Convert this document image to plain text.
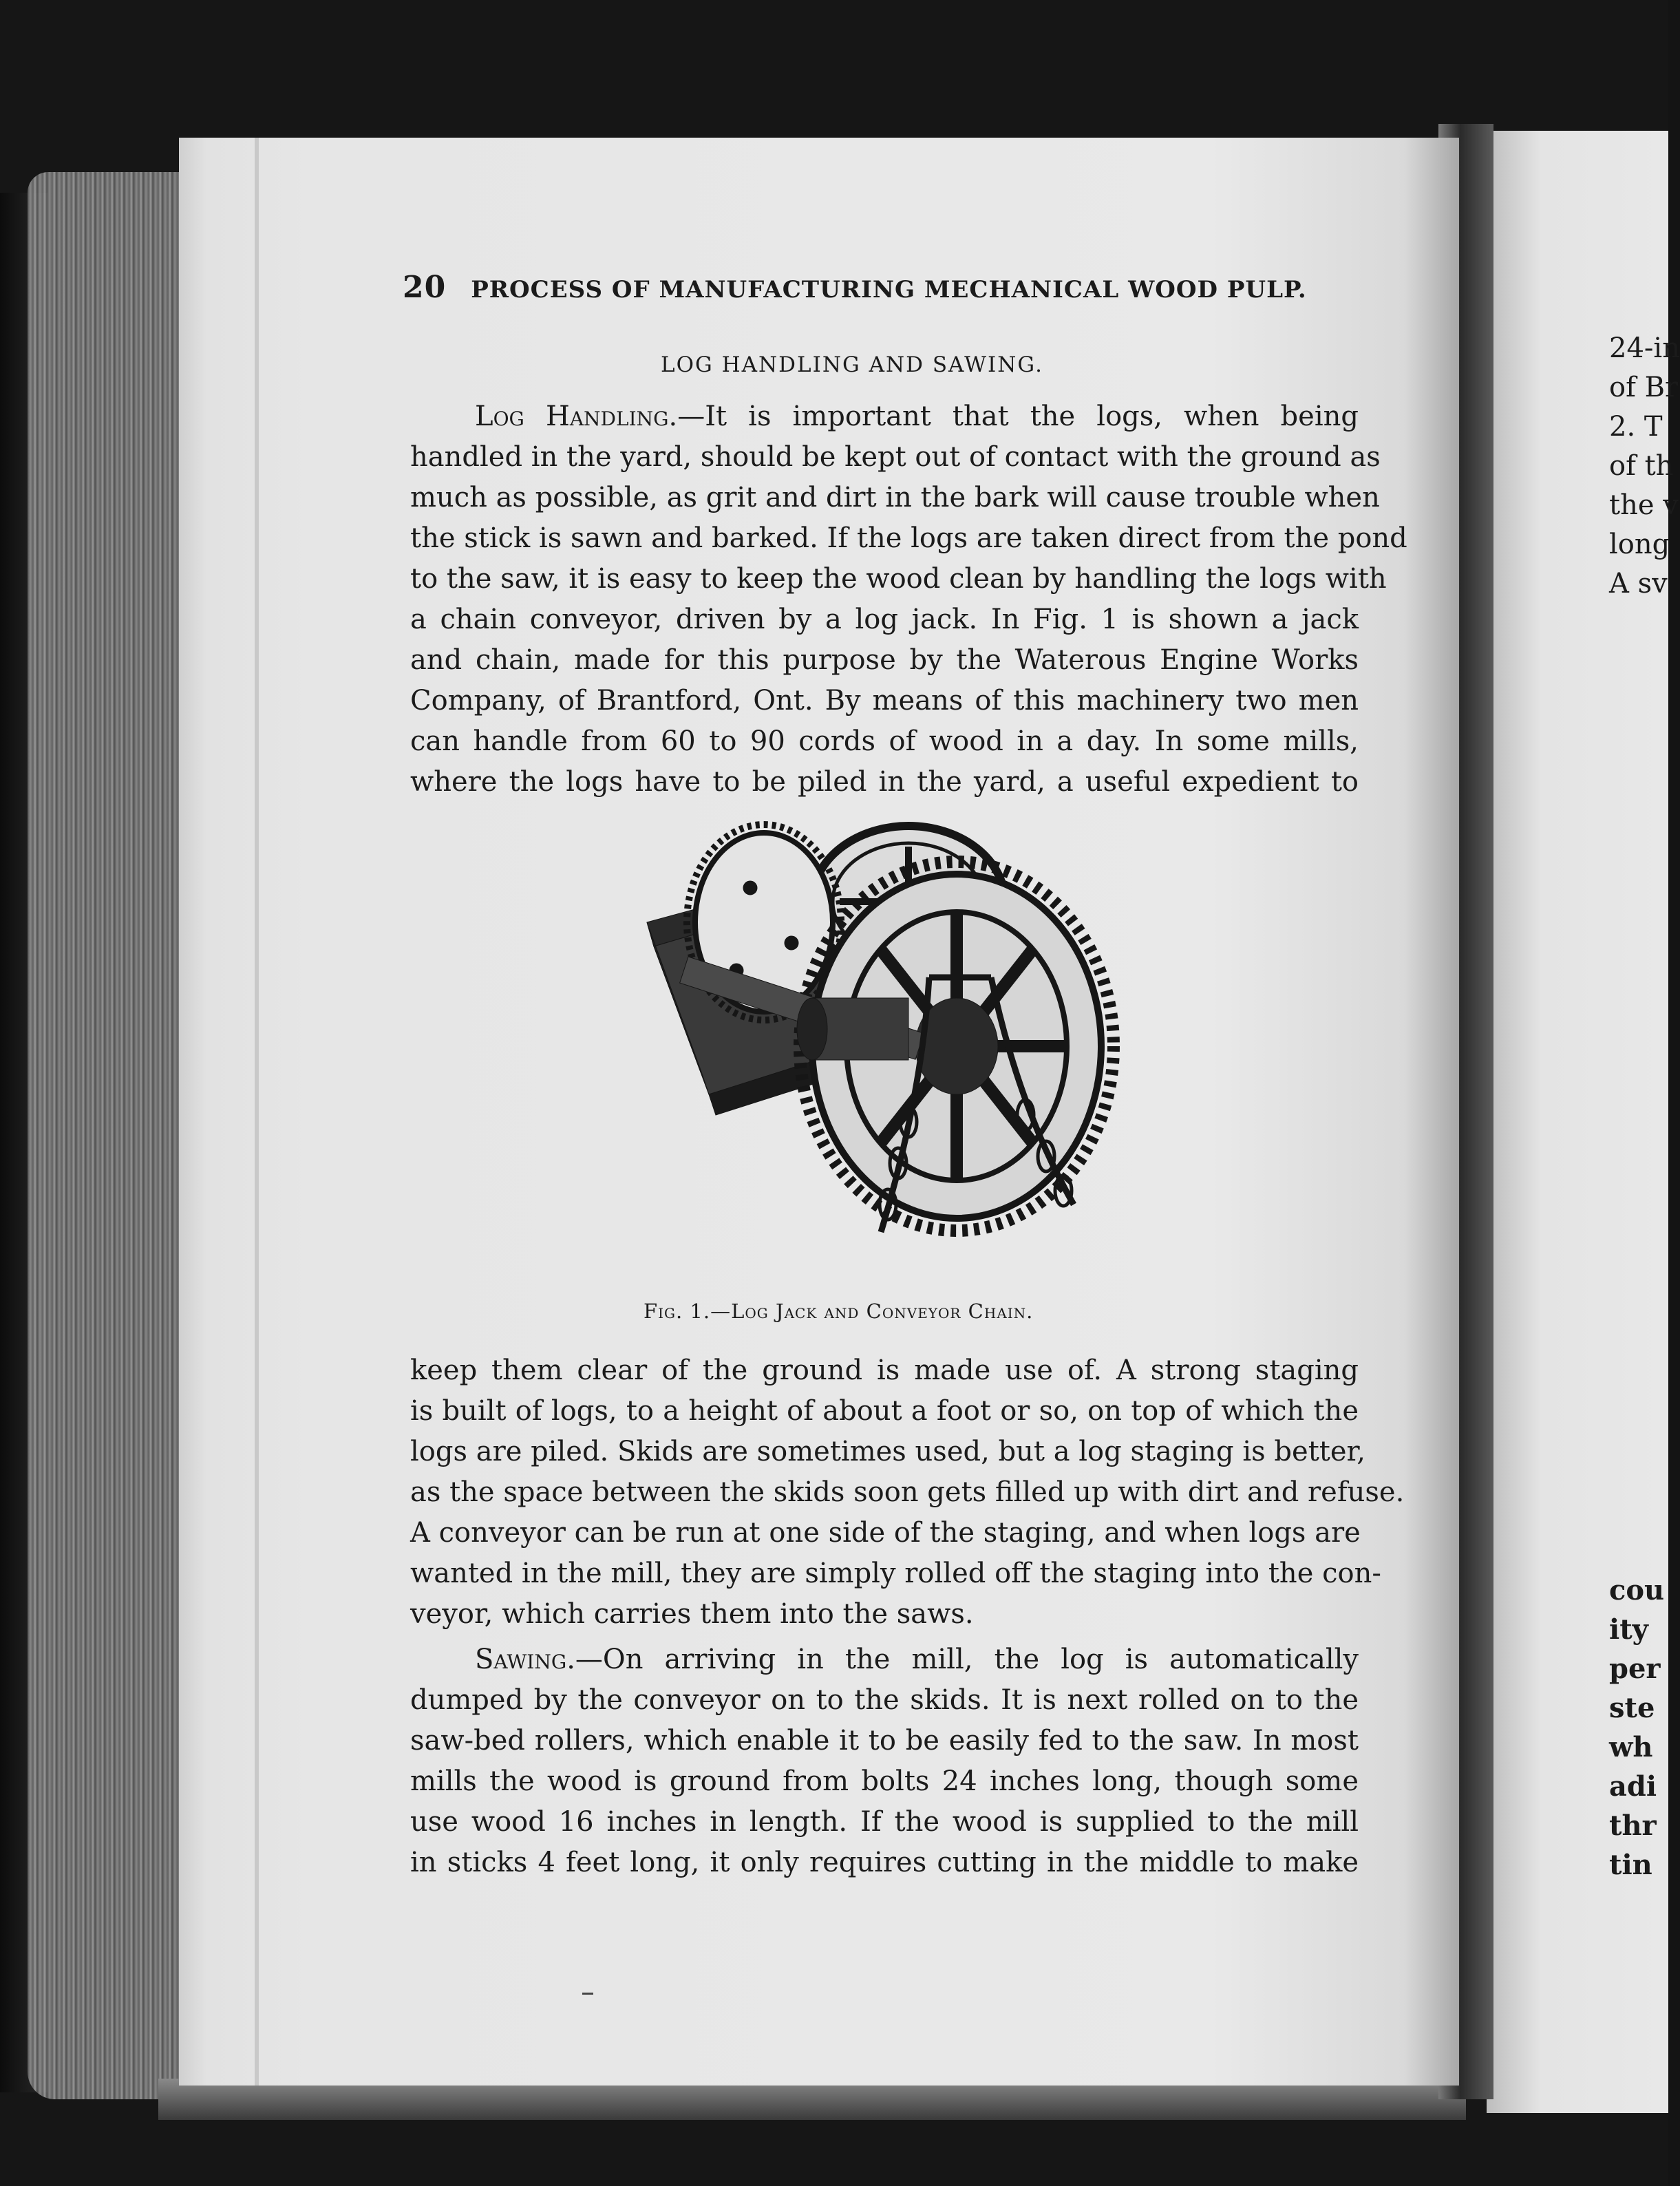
20 PROCESS OF MANUFACTURING MECHANICAL WOOD PULP.
LOG HANDLING AND SAWING.
Log Handling.—It is important that the logs, when being
handled in the yard, should be kept out of contact with the ground as
much as possible, as grit and dirt in the bark will cause trouble when
the stick is sawn and barked. If the logs are taken direct from the pond
to the saw, it is easy to keep the wood clean by handling the logs with
a chain conveyor, driven by a log jack. In Fig. 1 is shown a jack
and chain, made for this purpose by the Waterous Engine Works
Company, of Brantford, Ont. By means of this machinery two men
can handle from 60 to 90 cords of wood in a day. In some mills,
where the logs have to be piled in the yard, a useful expedient to
Fig. 1.—Log Jack and Conveyor Chain.
keep them clear of the ground is made use of. A strong staging
is built of logs, to a height of about a foot or so, on top of which the
logs are piled. Skids are sometimes used, but a log staging is better,
as the space between the skids soon gets filled up with dirt and refuse.
A conveyor can be run at one side of the staging, and when logs are
wanted in the mill, they are simply rolled off the staging into the con-
veyor, which carries them into the saws.
Sawing.—On arriving in the mill, the log is automatically
dumped by the conveyor on to the skids. It is next rolled on to the
saw-bed rollers, which enable it to be easily fed to the saw. In most
mills the wood is ground from bolts 24 inches long, though some
use wood 16 inches in length. If the wood is supplied to the mill
in sticks 4 feet long, it only requires cutting in the middle to make
24-in
of Br
2. T
of th
the v
long
A sv
cou
ity
per
ste
wh
adi
thr
tin
